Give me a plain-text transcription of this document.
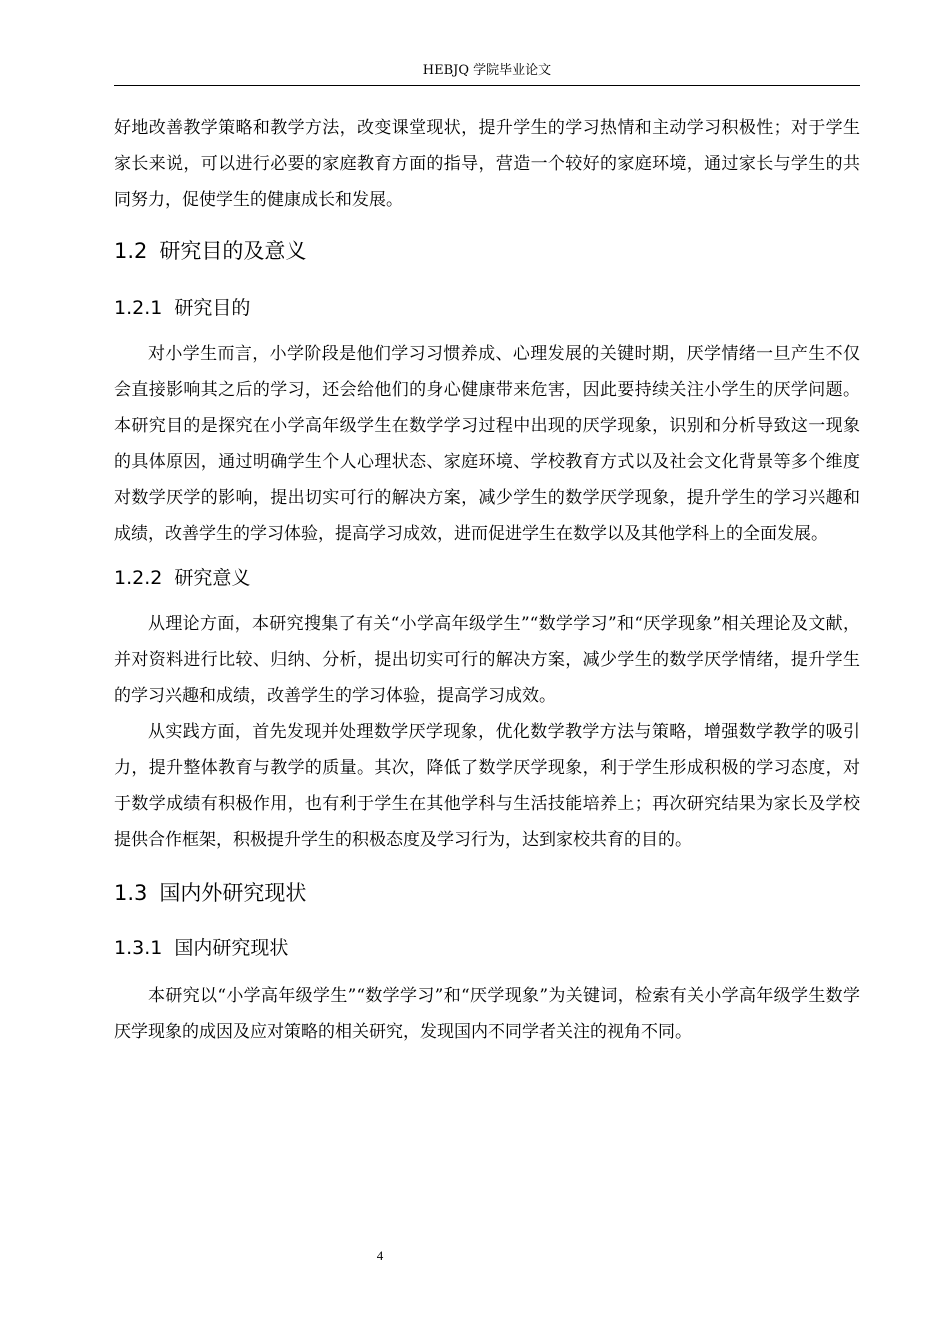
HEBJQ 学院毕业论文

好地改善教学策略和教学方法，改变课堂现状，提升学生的学习热情和主动学习积极性；对于学生家长来说，可以进行必要的家庭教育方面的指导，营造一个较好的家庭环境，通过家长与学生的共同努力，促使学生的健康成长和发展。

1.2 研究目的及意义
1.2.1 研究目的

对小学生而言，小学阶段是他们学习习惯养成、心理发展的关键时期，厌学情绪一旦产生不仅会直接影响其之后的学习，还会给他们的身心健康带来危害，因此要持续关注小学生的厌学问题。本研究目的是探究在小学高年级学生在数学学习过程中出现的厌学现象，识别和分析导致这一现象的具体原因，通过明确学生个人心理状态、家庭环境、学校教育方式以及社会文化背景等多个维度对数学厌学的影响，提出切实可行的解决方案，减少学生的数学厌学现象，提升学生的学习兴趣和成绩，改善学生的学习体验，提高学习成效，进而促进学生在数学以及其他学科上的全面发展。

1.2.2 研究意义

从理论方面，本研究搜集了有关“小学高年级学生”“数学学习”和“厌学现象”相关理论及文献，并对资料进行比较、归纳、分析，提出切实可行的解决方案，减少学生的数学厌学情绪，提升学生的学习兴趣和成绩，改善学生的学习体验，提高学习成效。

从实践方面，首先发现并处理数学厌学现象，优化数学教学方法与策略，增强数学教学的吸引力，提升整体教育与教学的质量。其次，降低了数学厌学现象，利于学生形成积极的学习态度，对于数学成绩有积极作用，也有利于学生在其他学科与生活技能培养上；再次研究结果为家长及学校提供合作框架，积极提升学生的积极态度及学习行为，达到家校共育的目的。

1.3 国内外研究现状
1.3.1 国内研究现状

本研究以“小学高年级学生”“数学学习”和“厌学现象”为关键词，检索有关小学高年级学生数学厌学现象的成因及应对策略的相关研究，发现国内不同学者关注的视角不同。

4
